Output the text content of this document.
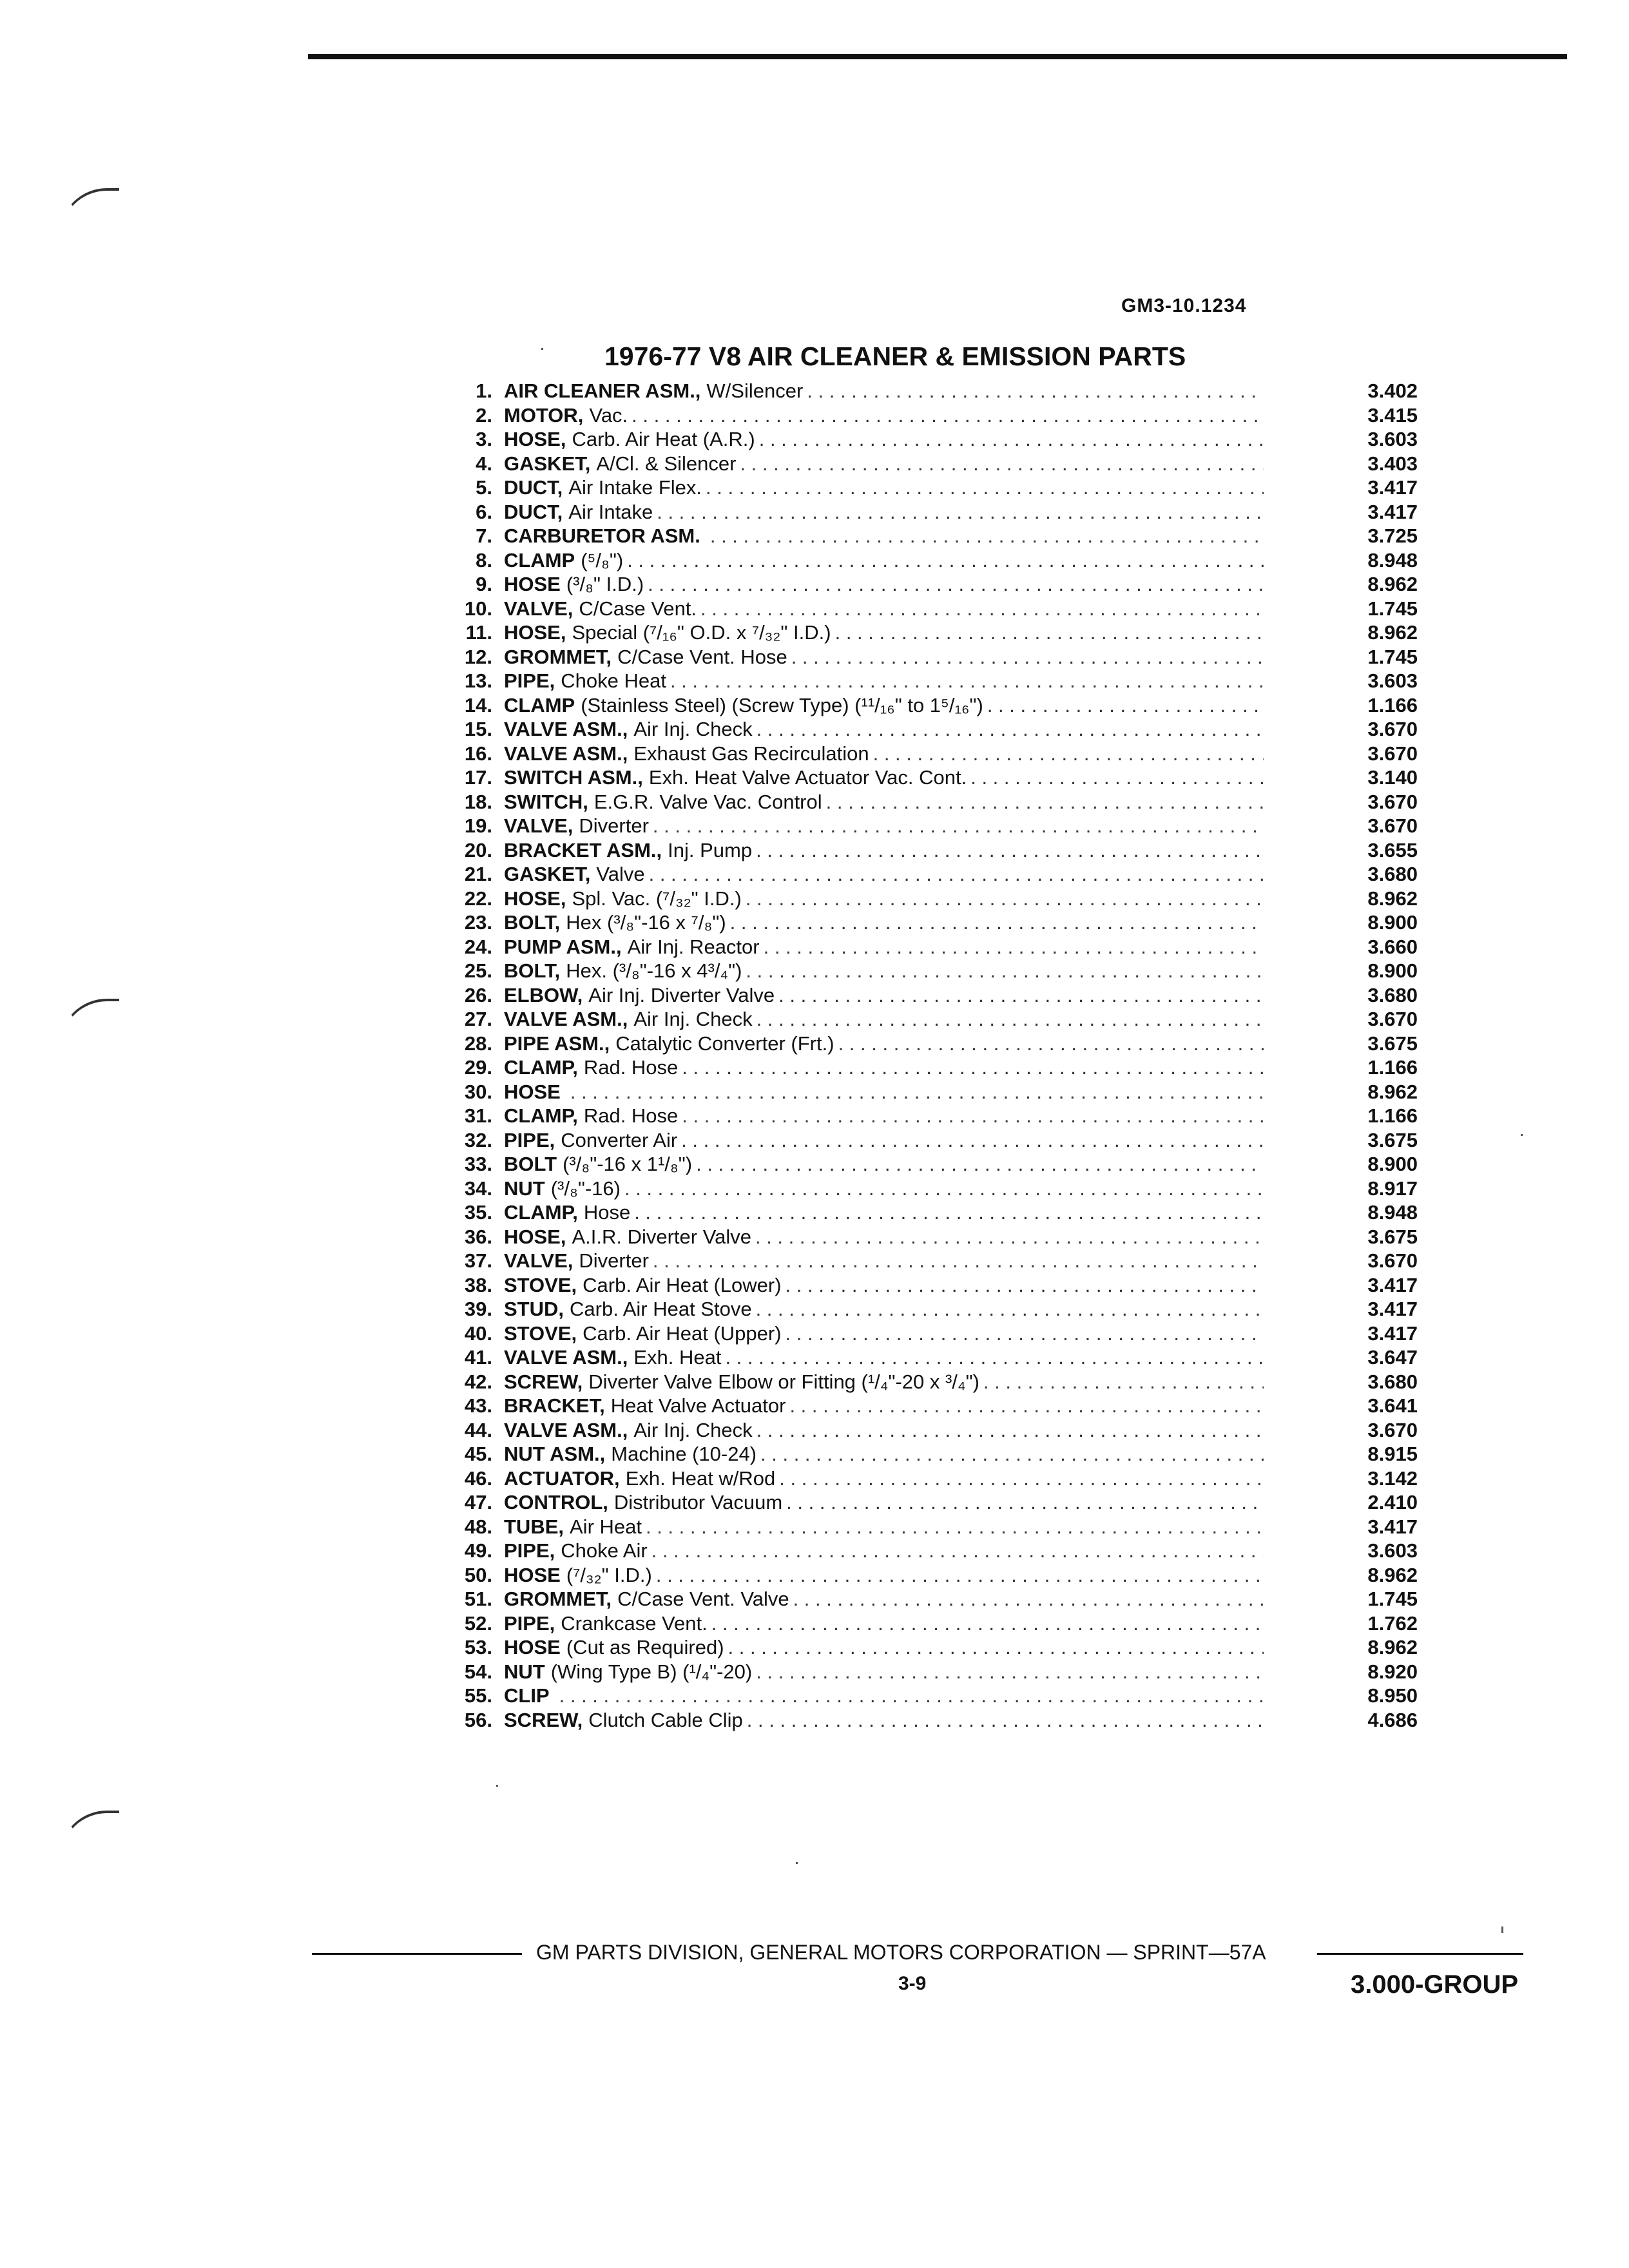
GM3-10.1234
1976-77 V8 AIR CLEANER & EMISSION PARTS
1. AIR CLEANER ASM., W/Silencer . . .	3.402
2. MOTOR, Vac. . . .	3.415
3. HOSE, Carb. Air Heat (A.R.) . . .	3.603
4. GASKET, A/Cl. & Silencer . . .	3.403
5. DUCT, Air Intake Flex. . . .	3.417
6. DUCT, Air Intake . . .	3.417
7. CARBURETOR ASM. . . .	3.725
8. CLAMP (⁵/₈") . . .	8.948
9. HOSE (³/₈" I.D.) . . .	8.962
10. VALVE, C/Case Vent. . . .	1.745
11. HOSE, Special (⁷/₁₆" O.D. x ⁷/₃₂" I.D.) . . .	8.962
12. GROMMET, C/Case Vent. Hose . . .	1.745
13. PIPE, Choke Heat . . .	3.603
14. CLAMP (Stainless Steel) (Screw Type) (¹¹/₁₆" to 1⁵/₁₆") . . .	1.166
15. VALVE ASM., Air Inj. Check . . .	3.670
16. VALVE ASM., Exhaust Gas Recirculation . . .	3.670
17. SWITCH ASM., Exh. Heat Valve Actuator Vac. Cont. . . .	3.140
18. SWITCH, E.G.R. Valve Vac. Control . . .	3.670
19. VALVE, Diverter . . .	3.670
20. BRACKET ASM., Inj. Pump . . .	3.655
21. GASKET, Valve . . .	3.680
22. HOSE, Spl. Vac. (⁷/₃₂" I.D.) . . .	8.962
23. BOLT, Hex (³/₈"-16 x ⁷/₈") . . .	8.900
24. PUMP ASM., Air Inj. Reactor . . .	3.660
25. BOLT, Hex. (³/₈"-16 x 4³/₄") . . .	8.900
26. ELBOW, Air Inj. Diverter Valve . . .	3.680
27. VALVE ASM., Air Inj. Check . . .	3.670
28. PIPE ASM., Catalytic Converter (Frt.) . . .	3.675
29. CLAMP, Rad. Hose . . .	1.166
30. HOSE . . .	8.962
31. CLAMP, Rad. Hose . . .	1.166
32. PIPE, Converter Air . . .	3.675
33. BOLT (³/₈"-16 x 1¹/₈") . . .	8.900
34. NUT (³/₈"-16) . . .	8.917
35. CLAMP, Hose . . .	8.948
36. HOSE, A.I.R. Diverter Valve . . .	3.675
37. VALVE, Diverter . . .	3.670
38. STOVE, Carb. Air Heat (Lower) . . .	3.417
39. STUD, Carb. Air Heat Stove . . .	3.417
40. STOVE, Carb. Air Heat (Upper) . . .	3.417
41. VALVE ASM., Exh. Heat . . .	3.647
42. SCREW, Diverter Valve Elbow or Fitting (¹/₄"-20 x ³/₄") . . .	3.680
43. BRACKET, Heat Valve Actuator . . .	3.641
44. VALVE ASM., Air Inj. Check . . .	3.670
45. NUT ASM., Machine (10-24) . . .	8.915
46. ACTUATOR, Exh. Heat w/Rod . . .	3.142
47. CONTROL, Distributor Vacuum . . .	2.410
48. TUBE, Air Heat . . .	3.417
49. PIPE, Choke Air . . .	3.603
50. HOSE (⁷/₃₂" I.D.) . . .	8.962
51. GROMMET, C/Case Vent. Valve . . .	1.745
52. PIPE, Crankcase Vent. . . .	1.762
53. HOSE (Cut as Required) . . .	8.962
54. NUT (Wing Type B) (¹/₄"-20) . . .	8.920
55. CLIP . . .	8.950
56. SCREW, Clutch Cable Clip . . .	4.686
GM PARTS DIVISION, GENERAL MOTORS CORPORATION — SPRINT—57A
3-9	3.000-GROUP
